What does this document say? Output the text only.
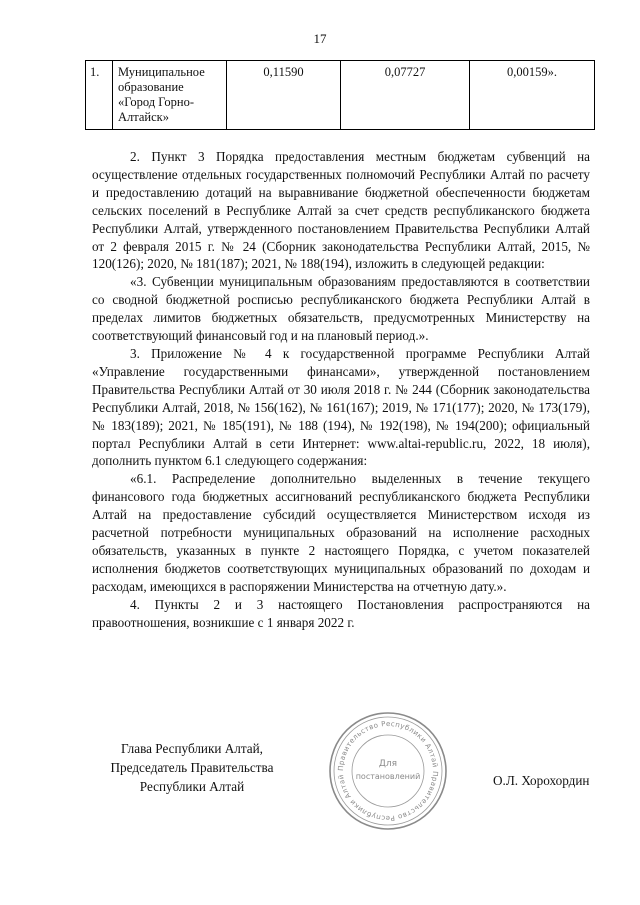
17
1.	Муниципальное
образование
«Город Горно-
Алтайск»
	0,11590	0,07727	0,00159».

2. Пункт 3 Порядка предоставления местным бюджетам субвенций на осуществление отдельных государственных полномочий Республики Алтай по расчету и предоставлению дотаций на выравнивание бюджетной обеспеченности бюджетам сельских поселений в Республике Алтай за счет средств республиканского бюджета Республики Алтай, утвержденного постановлением Правительства Республики Алтай от 2 февраля 2015 г. № 24 (Сборник законодательства Республики Алтай, 2015, № 120(126); 2020, № 181(187); 2021, № 188(194), изложить в следующей редакции:

«3. Субвенции муниципальным образованиям предоставляются в соответствии со сводной бюджетной росписью республиканского бюджета Республики Алтай в пределах лимитов бюджетных обязательств, предусмотренных Министерству на соответствующий финансовый год и на плановый период.».

3. Приложение № 4 к государственной программе Республики Алтай «Управление государственными финансами», утвержденной постановлением Правительства Республики Алтай от 30 июля 2018 г. № 244 (Сборник законодательства Республики Алтай, 2018, № 156(162), № 161(167); 2019, № 171(177); 2020, № 173(179), № 183(189); 2021, № 185(191), № 188 (194), № 192(198), № 194(200); официальный портал Республики Алтай в сети Интернет: www.altai-republic.ru, 2022, 18 июля), дополнить пунктом 6.1 следующего содержания:

«6.1. Распределение дополнительно выделенных в течение текущего финансового года бюджетных ассигнований республиканского бюджета Республики Алтай на предоставление субсидий осуществляется Министерством исходя из расчетной потребности муниципальных образований на исполнение расходных обязательств, указанных в пункте 2 настоящего Порядка, с учетом показателей исполнения бюджетов соответствующих муниципальных образований по доходам и расходам, имеющихся в распоряжении Министерства на отчетную дату.».

4. Пункты 2 и 3 настоящего Постановления распространяются на правоотношения, возникшие с 1 января 2022 г.

Глава Республики Алтай,
Председатель Правительства
Республики Алтай
Правительство Республики Алтай
Правительство Республики Алтай
Для
постановлений	О.Л. Хорохордин
